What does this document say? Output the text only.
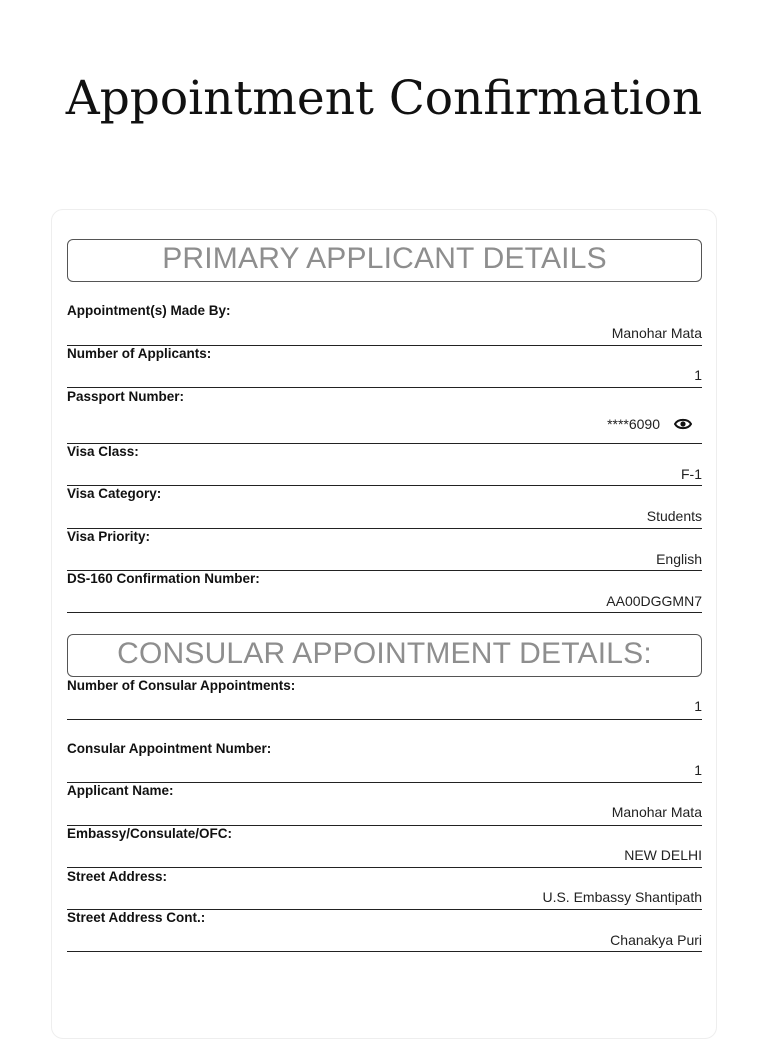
Appointment Confirmation
PRIMARY APPLICANT DETAILS
Appointment(s) Made By:
Manohar Mata
Number of Applicants:
1
Passport Number:
****6090
Visa Class:
F-1
Visa Category:
Students
Visa Priority:
English
DS-160 Confirmation Number:
AA00DGGMN7
CONSULAR APPOINTMENT DETAILS:
Number of Consular Appointments:
1
Consular Appointment Number:
1
Applicant Name:
Manohar Mata
Embassy/Consulate/OFC:
NEW DELHI
Street Address:
U.S. Embassy Shantipath
Street Address Cont.:
Chanakya Puri
